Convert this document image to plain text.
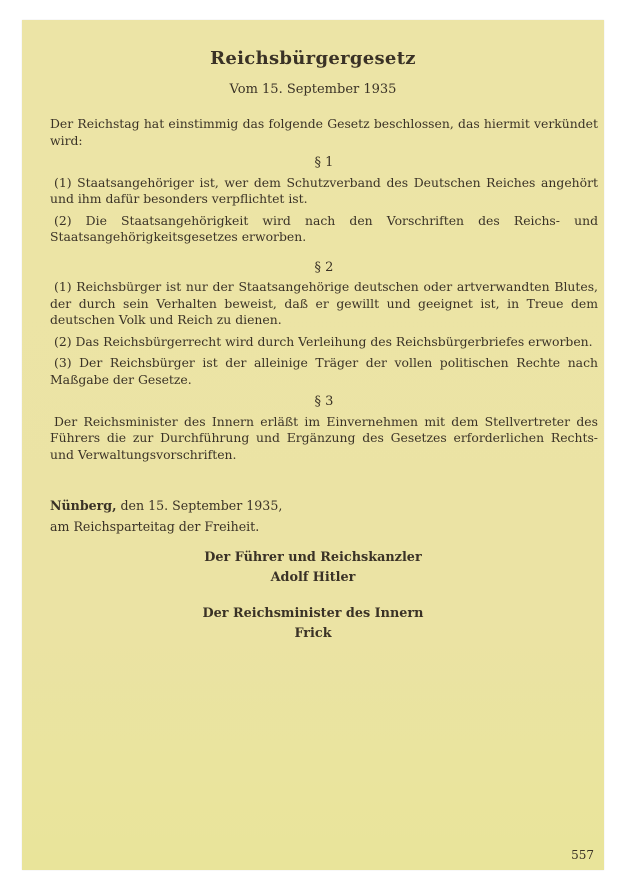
Reichsbürgergesetz
Vom 15. September 1935

Der Reichstag hat einstimmig das folgende Gesetz beschlossen, das hiermit verkündet wird:

§ 1

(1) Staatsangehöriger ist, wer dem Schutzverband des Deutschen Reiches angehört und ihm dafür besonders verpflichtet ist.

(2) Die Staatsangehörigkeit wird nach den Vorschriften des Reichs- und Staatsangehörigkeitsgesetzes erworben.

§ 2

(1) Reichsbürger ist nur der Staatsangehörige deutschen oder artverwandten Blutes, der durch sein Verhalten beweist, daß er gewillt und geeignet ist, in Treue dem deutschen Volk und Reich zu dienen.

(2) Das Reichsbürgerrecht wird durch Verleihung des Reichsbürgerbriefes erworben.

(3) Der Reichsbürger ist der alleinige Träger der vollen politischen Rechte nach Maßgabe der Gesetze.

§ 3

Der Reichsminister des Innern erläßt im Einvernehmen mit dem Stellvertreter des Führers die zur Durchführung und Ergänzung des Gesetzes erforderlichen Rechts- und Verwaltungsvorschriften.

Nünberg, den 15. September 1935,
am Reichsparteitag der Freiheit.
Der Führer und Reichskanzler
Adolf Hitler
Der Reichsminister des Innern
Frick
557
